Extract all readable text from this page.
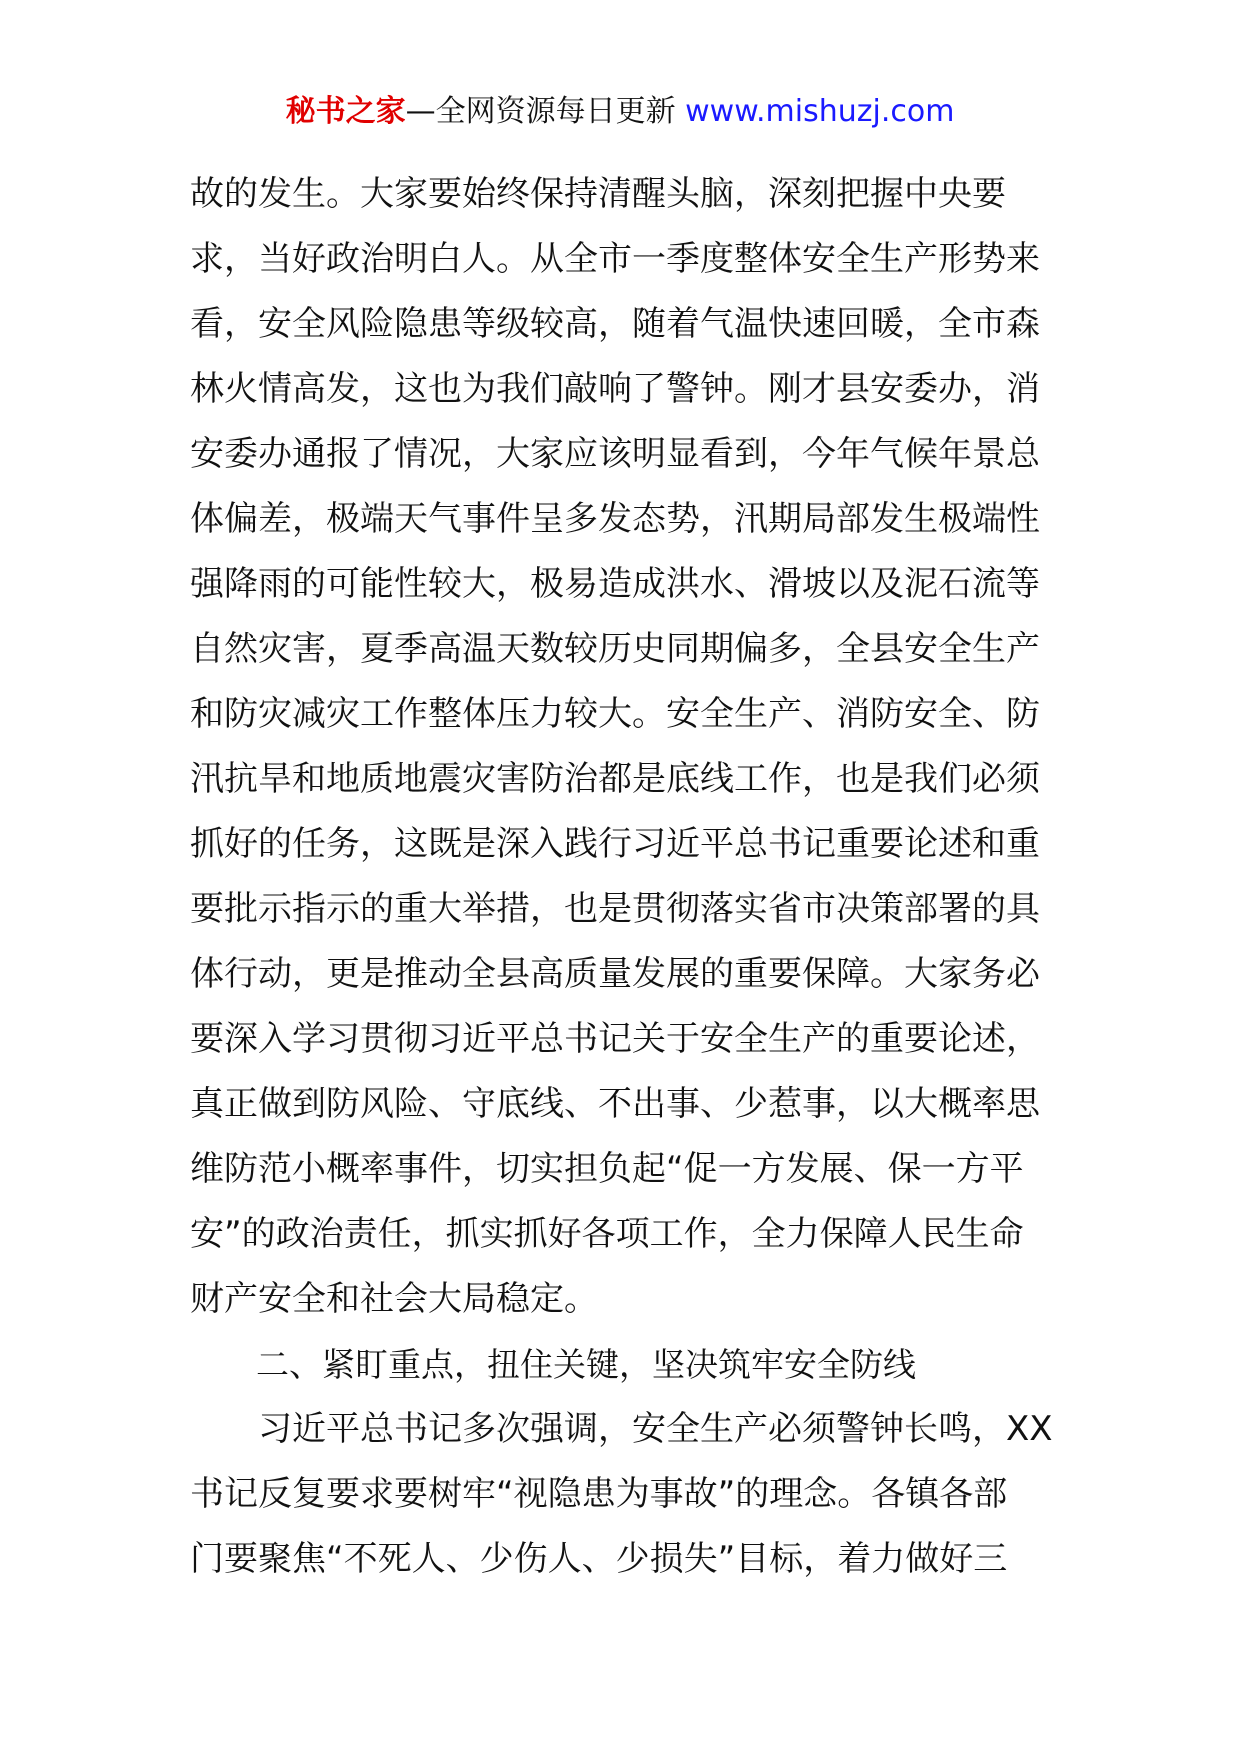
秘书之家—全网资源每日更新 www.mishuzj.com
故的发生。大家要始终保持清醒头脑，深刻把握中央要
求，当好政治明白人。从全市一季度整体安全生产形势来
看，安全风险隐患等级较高，随着气温快速回暖，全市森
林火情高发，这也为我们敲响了警钟。刚才县安委办，消
安委办通报了情况，大家应该明显看到，今年气候年景总
体偏差，极端天气事件呈多发态势，汛期局部发生极端性
强降雨的可能性较大，极易造成洪水、滑坡以及泥石流等
自然灾害，夏季高温天数较历史同期偏多，全县安全生产
和防灾减灾工作整体压力较大。安全生产、消防安全、防
汛抗旱和地质地震灾害防治都是底线工作，也是我们必须
抓好的任务，这既是深入践行习近平总书记重要论述和重
要批示指示的重大举措，也是贯彻落实省市决策部署的具
体行动，更是推动全县高质量发展的重要保障。大家务必
要深入学习贯彻习近平总书记关于安全生产的重要论述，
真正做到防风险、守底线、不出事、少惹事，以大概率思
维防范小概率事件，切实担负起“促一方发展、保一方平
安”的政治责任，抓实抓好各项工作，全力保障人民生命
财产安全和社会大局稳定。
二、紧盯重点，扭住关键，坚决筑牢安全防线
　　习近平总书记多次强调，安全生产必须警钟长鸣，XX
书记反复要求要树牢“视隐患为事故”的理念。各镇各部
门要聚焦“不死人、少伤人、少损失”目标，着力做好三
